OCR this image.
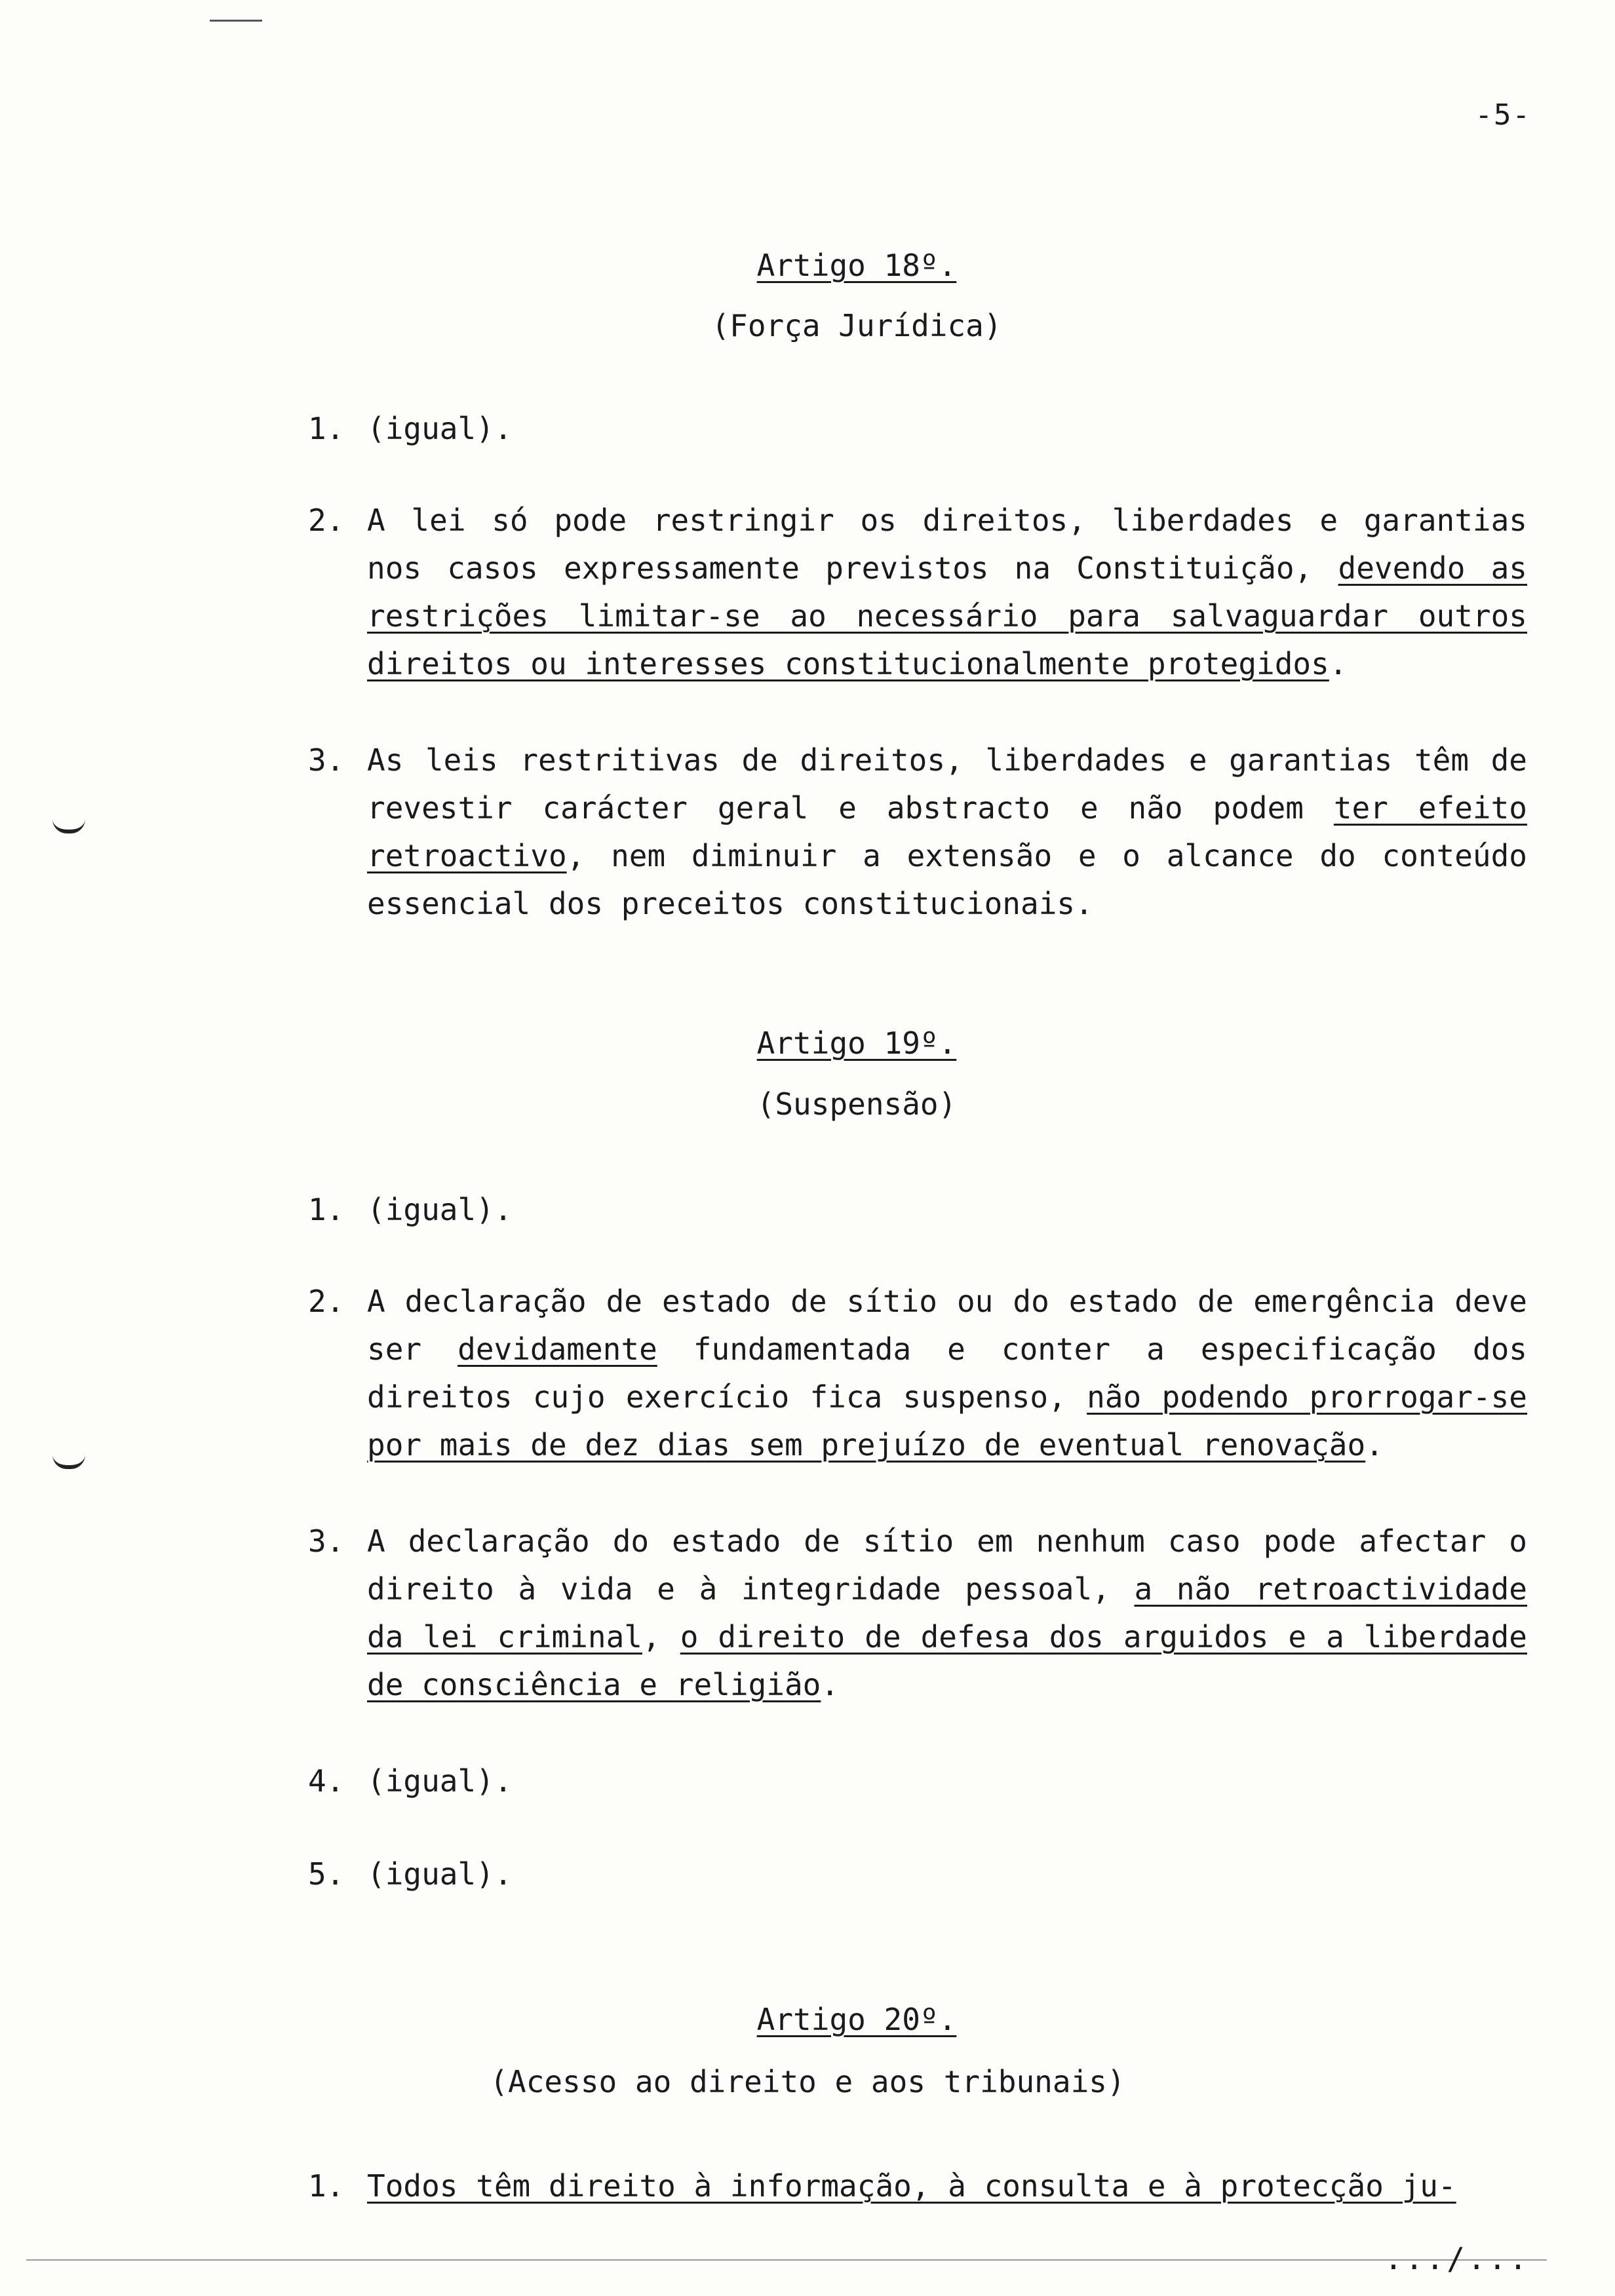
-5-
Artigo 18º.
(Força Jurídica)
1. (igual).
2. A lei só pode restringir os direitos, liberdades e garantias nos casos expressamente previstos na Constituição, devendo as restrições limitar-se ao necessário para salvaguardar outros direitos ou interesses constitucionalmente protegidos.
3. As leis restritivas de direitos, liberdades e garantias têm de revestir carácter geral e abstracto e não podem ter efeito retroactivo, nem diminuir a extensão e o alcance do conteúdo essencial dos preceitos constitucionais.
Artigo 19º.
(Suspensão)
1. (igual).
2. A declaração de estado de sítio ou do estado de emergência deve ser devidamente fundamentada e conter a especificação dos direitos cujo exercício fica suspenso, não podendo prorrogar-se por mais de dez dias sem prejuízo de eventual renovação.
3. A declaração do estado de sítio em nenhum caso pode afectar o direito à vida e à integridade pessoal, a não retroactividade da lei criminal, o direito de defesa dos arguidos e a liberdade de consciência e religião.
4. (igual).
5. (igual).
Artigo 20º.
(Acesso ao direito e aos tribunais)
1. Todos têm direito à informação, à consulta e à protecção ju-
.../...
